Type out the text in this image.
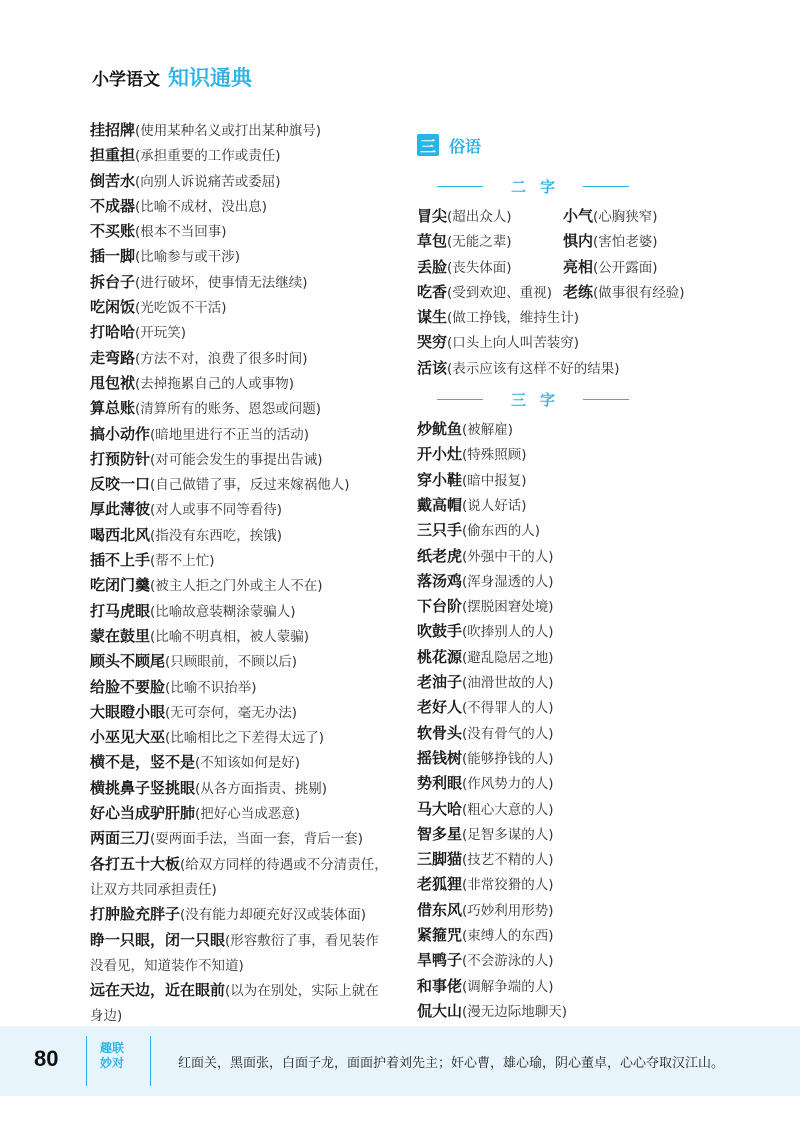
小学语文 知识通典
挂招牌(使用某种名义或打出某种旗号)
担重担(承担重要的工作或责任)
倒苦水(向别人诉说痛苦或委屈)
不成器(比喻不成材，没出息)
不买账(根本不当回事)
插一脚(比喻参与或干涉)
拆台子(进行破坏，使事情无法继续)
吃闲饭(光吃饭不干活)
打哈哈(开玩笑)
走弯路(方法不对，浪费了很多时间)
甩包袱(去掉拖累自己的人或事物)
算总账(清算所有的账务、恩怨或问题)
搞小动作(暗地里进行不正当的活动)
打预防针(对可能会发生的事提出告诫)
反咬一口(自己做错了事，反过来嫁祸他人)
厚此薄彼(对人或事不同等看待)
喝西北风(指没有东西吃，挨饿)
插不上手(帮不上忙)
吃闭门羹(被主人拒之门外或主人不在)
打马虎眼(比喻故意装糊涂蒙骗人)
蒙在鼓里(比喻不明真相，被人蒙骗)
顾头不顾尾(只顾眼前，不顾以后)
给脸不要脸(比喻不识抬举)
大眼瞪小眼(无可奈何，毫无办法)
小巫见大巫(比喻相比之下差得太远了)
横不是，竖不是(不知该如何是好)
横挑鼻子竖挑眼(从各方面指责、挑剔)
好心当成驴肝肺(把好心当成恶意)
两面三刀(耍两面手法，当面一套，背后一套)
各打五十大板(给双方同样的待遇或不分清责任，让双方共同承担责任)
打肿脸充胖子(没有能力却硬充好汉或装体面)
睁一只眼，闭一只眼(形容敷衍了事，看见装作没看见，知道装作不知道)
远在天边，近在眼前(以为在别处，实际上就在身边)
三 俗语
二字
冒尖(超出众人)	小气(心胸狭窄)
草包(无能之辈)	惧内(害怕老婆)
丢脸(丧失体面)	亮相(公开露面)
吃香(受到欢迎、重视) 老练(做事很有经验)
谋生(做工挣钱，维持生计)
哭穷(口头上向人叫苦装穷)
活该(表示应该有这样不好的结果)
三字
炒鱿鱼(被解雇)
开小灶(特殊照顾)
穿小鞋(暗中报复)
戴高帽(说人好话)
三只手(偷东西的人)
纸老虎(外强中干的人)
落汤鸡(浑身湿透的人)
下台阶(摆脱困窘处境)
吹鼓手(吹捧别人的人)
桃花源(避乱隐居之地)
老油子(油滑世故的人)
老好人(不得罪人的人)
软骨头(没有骨气的人)
摇钱树(能够挣钱的人)
势利眼(作风势力的人)
马大哈(粗心大意的人)
智多星(足智多谋的人)
三脚猫(技艺不精的人)
老狐狸(非常狡猾的人)
借东风(巧妙利用形势)
紧箍咒(束缚人的东西)
旱鸭子(不会游泳的人)
和事佬(调解争端的人)
侃大山(漫无边际地聊天)
80	趣联
妙对	红面关，黑面张，白面子龙，面面护着刘先主；奸心曹，雄心瑜，阴心董卓，心心夺取汉江山。
